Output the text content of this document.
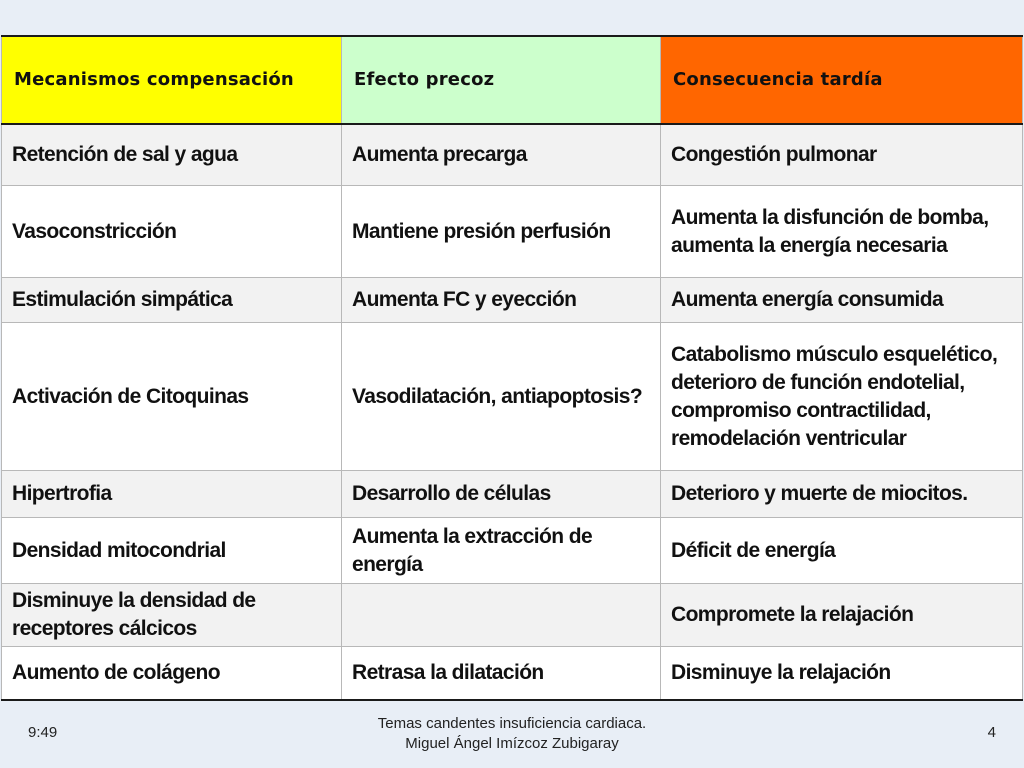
Mecanismos compensación	Efecto precoz	Consecuencia tardía
Retención de sal y agua	Aumenta precarga	Congestión pulmonar
Vasoconstricción	Mantiene presión perfusión	Aumenta la disfunción de bomba, aumenta la energía necesaria
Estimulación simpática	Aumenta FC y eyección	Aumenta energía consumida
Activación de Citoquinas	Vasodilatación, antiapoptosis?	Catabolismo músculo esquelético, deterioro de función endotelial, compromiso contractilidad, remodelación ventricular
Hipertrofia	Desarrollo de células	Deterioro y muerte de miocitos.
Densidad mitocondrial	Aumenta la extracción de energía	Déficit de energía
Disminuye la densidad de receptores cálcicos		Compromete la relajación
Aumento de colágeno	Retrasa la dilatación	Disminuye la relajación
9:49
Temas candentes insuficiencia cardiaca.
Miguel Ángel Imízcoz Zubigaray
4
